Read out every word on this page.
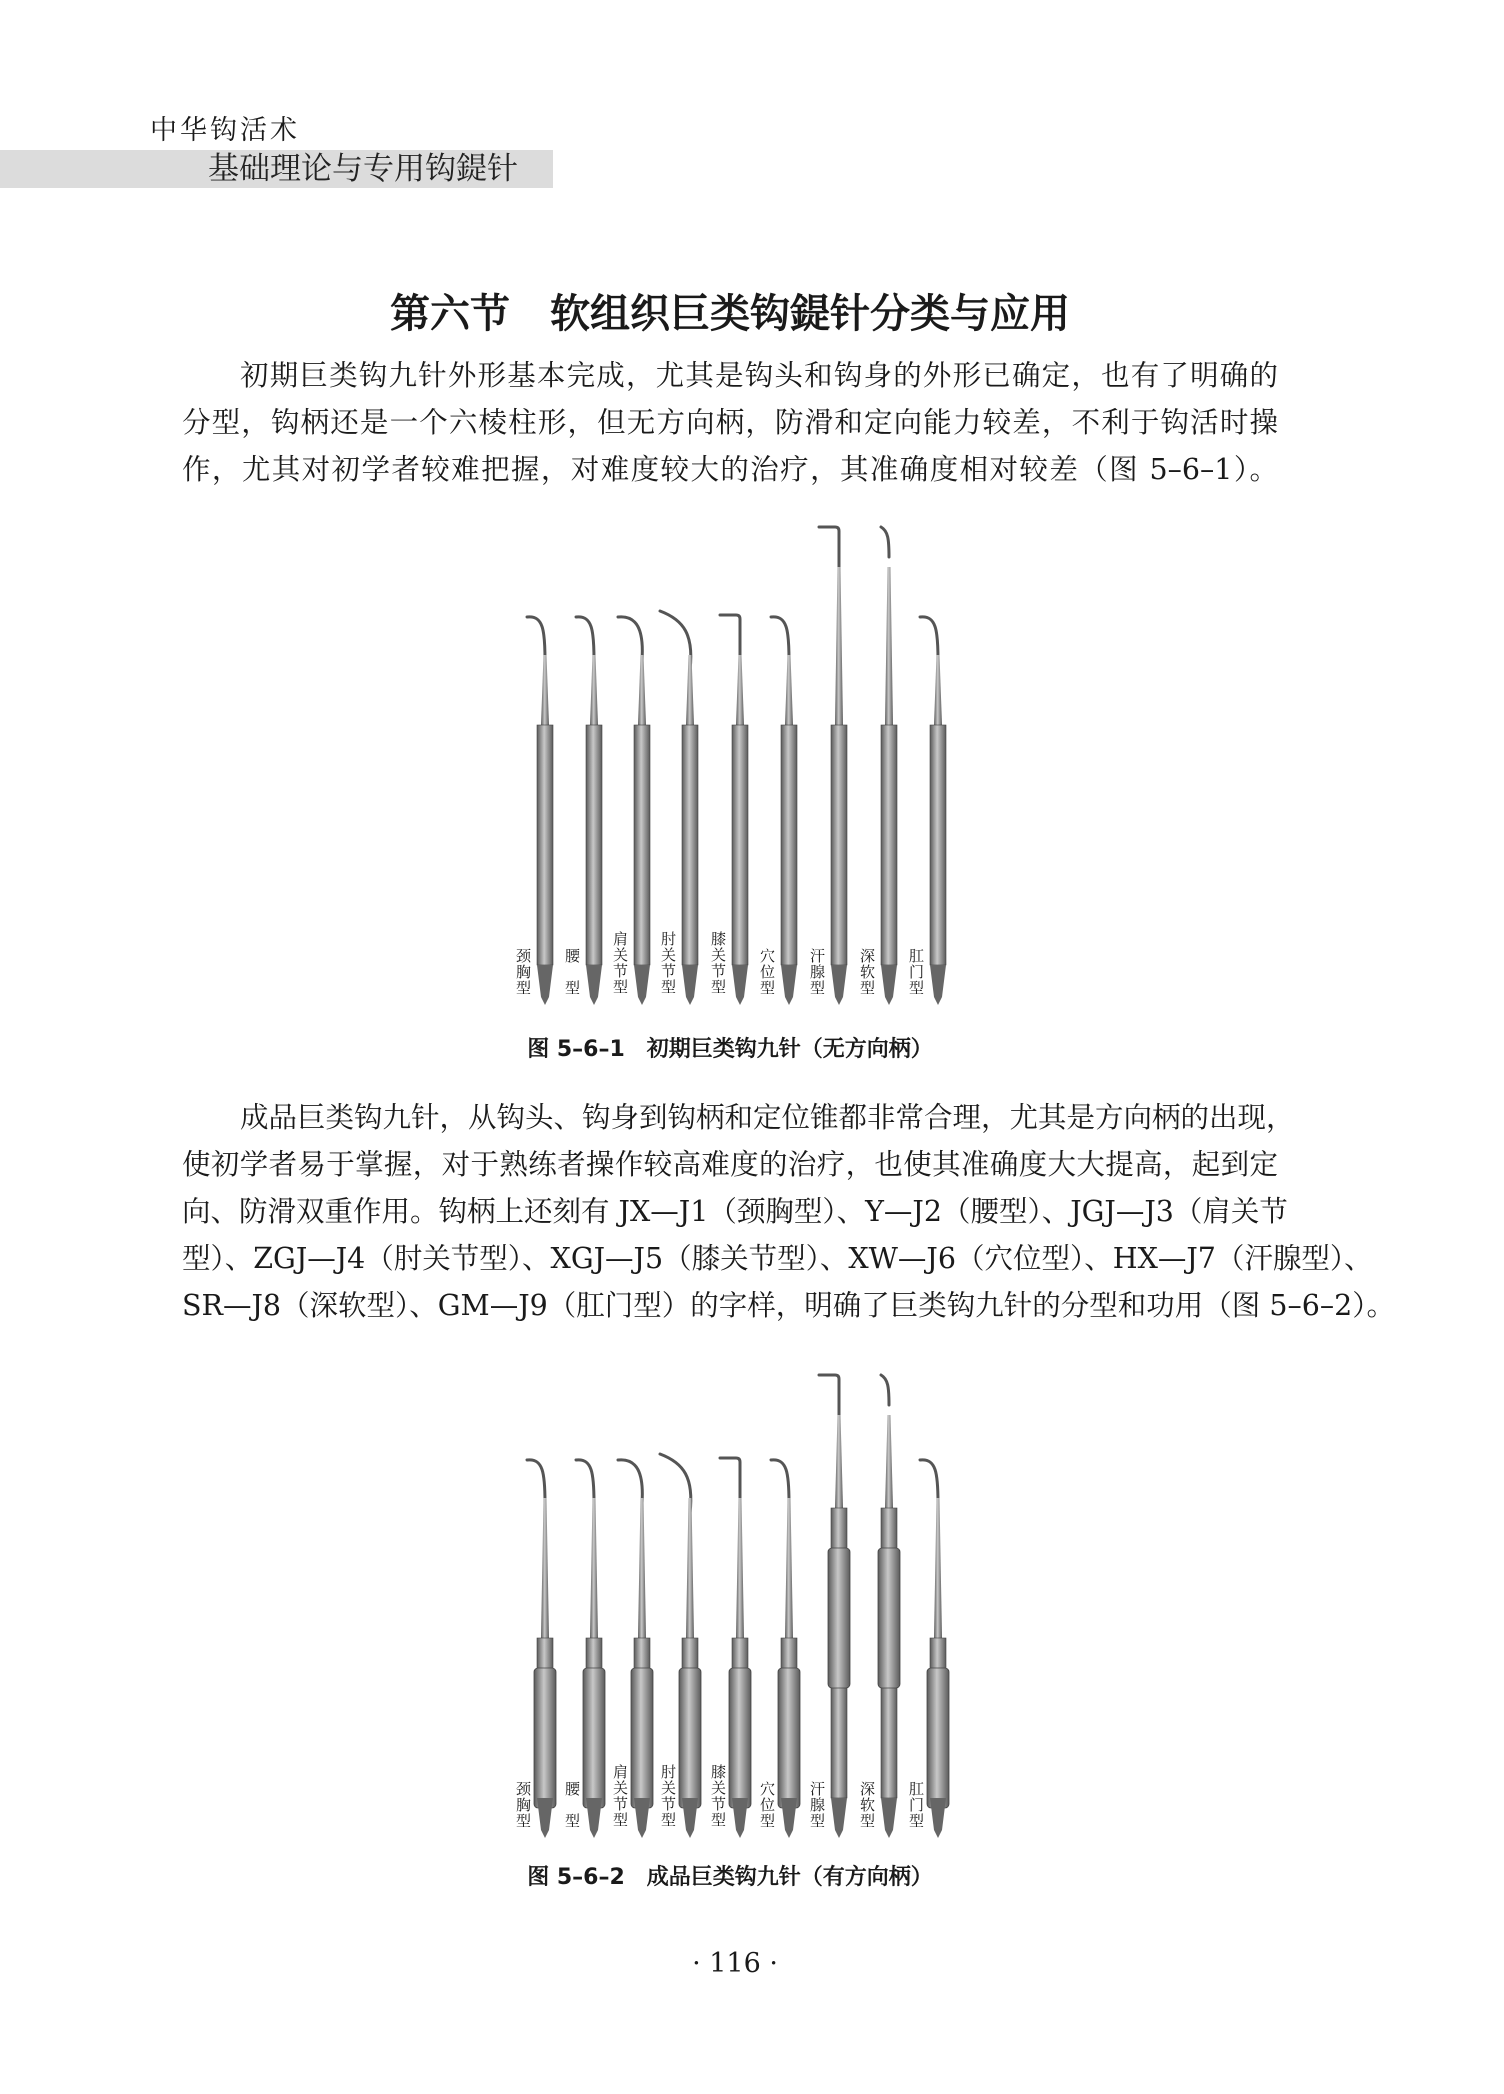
中华钩活术
基础理论与专用钩鍉针
第六节　软组织巨类钩鍉针分类与应用
初期巨类钩九针外形基本完成，尤其是钩头和钩身的外形已确定，也有了明确的
分型，钩柄还是一个六棱柱形，但无方向柄，防滑和定向能力较差，不利于钩活时操
作，尤其对初学者较难把握，对难度较大的治疗，其准确度相对较差（图 5–6–1）。
颈胸型 腰　型 肩关节型 肘关节型 膝关节型 穴位型 汗腺型 深软型 肛门型
图 5–6–1　初期巨类钩九针（无方向柄）
成品巨类钩九针，从钩头、钩身到钩柄和定位锥都非常合理，尤其是方向柄的出现，
使初学者易于掌握，对于熟练者操作较高难度的治疗，也使其准确度大大提高，起到定
向、防滑双重作用。钩柄上还刻有 JX—J1（颈胸型）、Y—J2（腰型）、JGJ—J3（肩关节
型）、ZGJ—J4（肘关节型）、XGJ—J5（膝关节型）、XW—J6（穴位型）、HX—J7（汗腺型）、
SR—J8（深软型）、GM—J9（肛门型）的字样，明确了巨类钩九针的分型和功用（图 5–6–2）。
颈胸型 腰　型 肩关节型 肘关节型 膝关节型 穴位型 汗腺型 深软型 肛门型
图 5–6–2　成品巨类钩九针（有方向柄）
· 116 ·
